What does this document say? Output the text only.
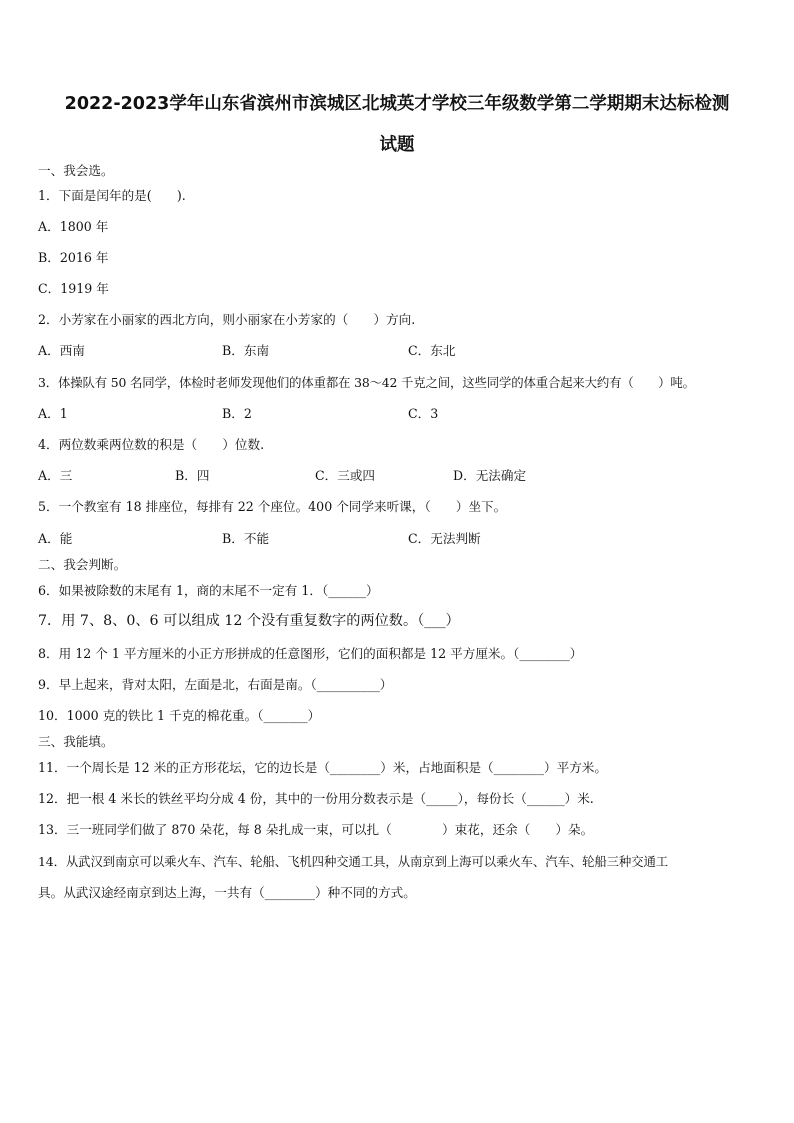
2022-2023学年山东省滨州市滨城区北城英才学校三年级数学第二学期期末达标检测
试题
一、我会选。
1．下面是闰年的是(　　).
A．1800 年
B．2016 年
C．1919 年
2．小芳家在小丽家的西北方向，则小丽家在小芳家的（　　）方向.
A．西南	B．东南	C．东北
3．体操队有 50 名同学，体检时老师发现他们的体重都在 38～42 千克之间，这些同学的体重合起来大约有（　　）吨。
A．1	B．2	C．3
4．两位数乘两位数的积是（　　）位数.
A．三	B．四	C．三或四	D．无法确定
5．一个教室有 18 排座位，每排有 22 个座位。400 个同学来听课，（　　）坐下。
A．能	B．不能	C．无法判断
二、我会判断。
6．如果被除数的末尾有 1，商的末尾不一定有 1．（______）
7．用 7、8、0、6 可以组成 12 个没有重复数字的两位数。（___）
8．用 12 个 1 平方厘米的小正方形拼成的任意图形，它们的面积都是 12 平方厘米。（________）
9．早上起来，背对太阳，左面是北，右面是南。（__________）
10．1000 克的铁比 1 千克的棉花重。（_______）
三、我能填。
11．一个周长是 12 米的正方形花坛，它的边长是（________）米，占地面积是（________）平方米。
12．把一根 4 米长的铁丝平均分成 4 份，其中的一份用分数表示是（_____），每份长（______）米.
13．三一班同学们做了 870 朵花，每 8 朵扎成一束，可以扎（　　　　）束花，还余（　　）朵。
14．从武汉到南京可以乘火车、汽车、轮船、飞机四种交通工具，从南京到上海可以乘火车、汽车、轮船三种交通工
具。从武汉途经南京到达上海，一共有（________）种不同的方式。
